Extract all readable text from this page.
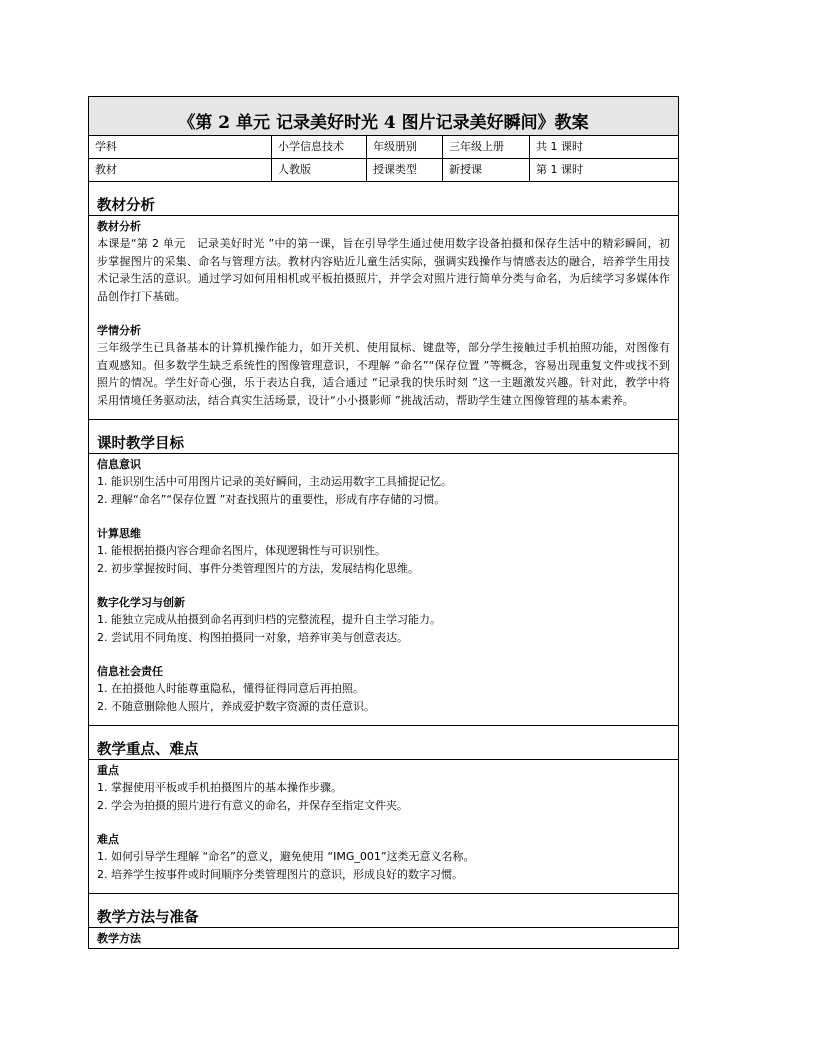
《第 2 单元 记录美好时光 4 图片记录美好瞬间》教案
学科	小学信息技术	年级册别	三年级上册	共 1 课时
教材	人教版	授课类型	新授课	第 1 课时
教材分析
教材分析
本课是“第 2 单元　记录美好时光 ”中的第一课，旨在引导学生通过使用数字设备拍摄和保存生活中的精彩瞬间，初步掌握图片的采集、命名与管理方法。教材内容贴近儿童生活实际，强调实践操作与情感表达的融合，培养学生用技术记录生活的意识。通过学习如何用相机或平板拍摄照片，并学会对照片进行简单分类与命名，为后续学习多媒体作品创作打下基础。
学情分析
三年级学生已具备基本的计算机操作能力，如开关机、使用鼠标、键盘等，部分学生接触过手机拍照功能，对图像有直观感知。但多数学生缺乏系统性的图像管理意识，不理解 “命名”“保存位置 ”等概念，容易出现重复文件或找不到照片的情况。学生好奇心强，乐于表达自我，适合通过 “记录我的快乐时刻 ”这一主题激发兴趣。针对此，教学中将采用情境任务驱动法，结合真实生活场景，设计“小小摄影师 ”挑战活动，帮助学生建立图像管理的基本素养。
课时教学目标
信息意识
1. 能识别生活中可用图片记录的美好瞬间，主动运用数字工具捕捉记忆。
2. 理解“命名”“保存位置 ”对查找照片的重要性，形成有序存储的习惯。
计算思维
1. 能根据拍摄内容合理命名图片，体现逻辑性与可识别性。
2. 初步掌握按时间、事件分类管理图片的方法，发展结构化思维。
数字化学习与创新
1. 能独立完成从拍摄到命名再到归档的完整流程，提升自主学习能力。
2. 尝试用不同角度、构图拍摄同一对象，培养审美与创意表达。
信息社会责任
1. 在拍摄他人时能尊重隐私，懂得征得同意后再拍照。
2. 不随意删除他人照片，养成爱护数字资源的责任意识。
教学重点、难点
重点
1. 掌握使用平板或手机拍摄图片的基本操作步骤。
2. 学会为拍摄的照片进行有意义的命名，并保存至指定文件夹。
难点
1. 如何引导学生理解 “命名”的意义，避免使用 “IMG_001”这类无意义名称。
2. 培养学生按事件或时间顺序分类管理图片的意识，形成良好的数字习惯。
教学方法与准备
教学方法
